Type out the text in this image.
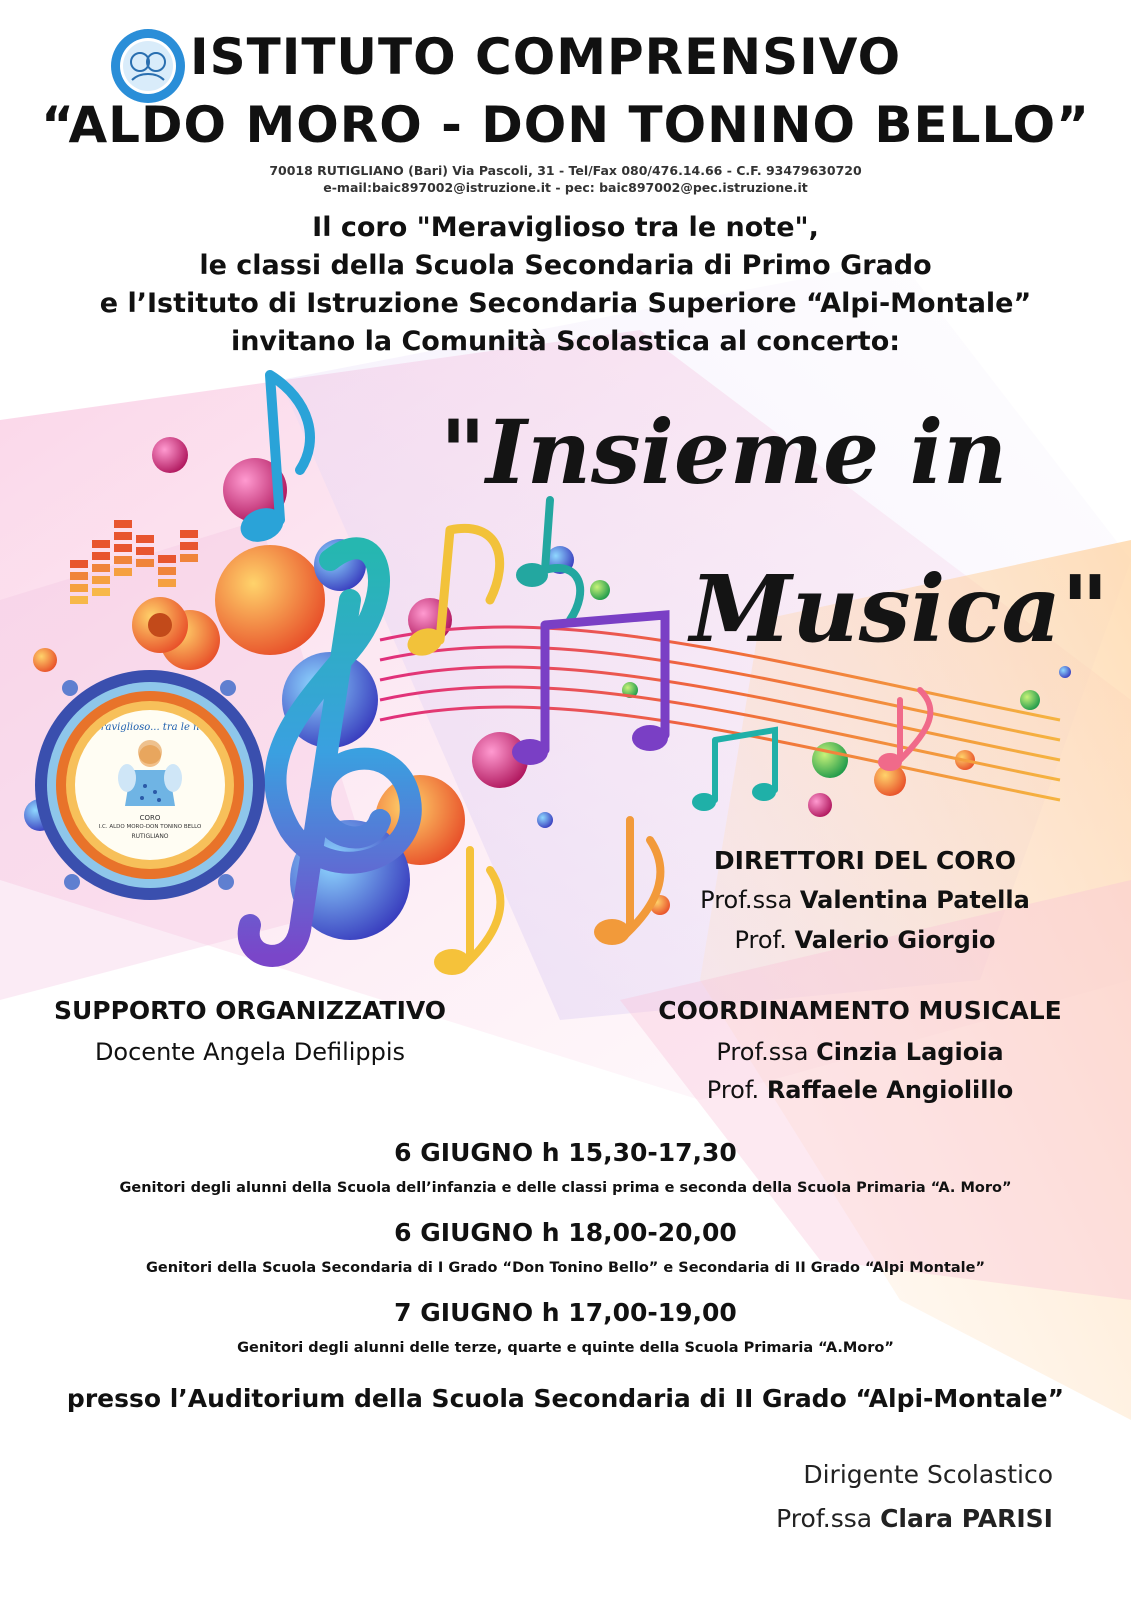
Meraviglioso... tra le note
CORO
I.C. ALDO MORO-DON TONINO BELLO
RUTIGLIANO
ISTITUTO COMPRENSIVO
“ALDO MORO - DON TONINO BELLO”
70018 RUTIGLIANO (Bari) Via Pascoli, 31 - Tel/Fax 080/476.14.66 - C.F. 93479630720
e-mail:baic897002@istruzione.it - pec: baic897002@pec.istruzione.it
Il coro "Meraviglioso tra le note",
le classi della Scuola Secondaria di Primo Grado
e l’Istituto di Istruzione Secondaria Superiore “Alpi-Montale”
invitano la Comunità Scolastica al concerto:
"Insieme in
Musica"
DIRETTORI DEL CORO
Prof.ssa Valentina Patella
Prof. Valerio Giorgio
SUPPORTO ORGANIZZATIVO
Docente Angela Defilippis
COORDINAMENTO MUSICALE
Prof.ssa Cinzia Lagioia
Prof. Raffaele Angiolillo
6 GIUGNO h 15,30-17,30
Genitori degli alunni della Scuola dell’infanzia e delle classi prima e seconda della Scuola Primaria “A. Moro”
6 GIUGNO h 18,00-20,00
Genitori della Scuola Secondaria di I Grado “Don Tonino Bello” e Secondaria di II Grado “Alpi Montale”
7 GIUGNO h 17,00-19,00
Genitori degli alunni delle terze, quarte e quinte della Scuola Primaria “A.Moro”
presso l’Auditorium della Scuola Secondaria di II Grado “Alpi-Montale”
Dirigente Scolastico
Prof.ssa Clara PARISI
